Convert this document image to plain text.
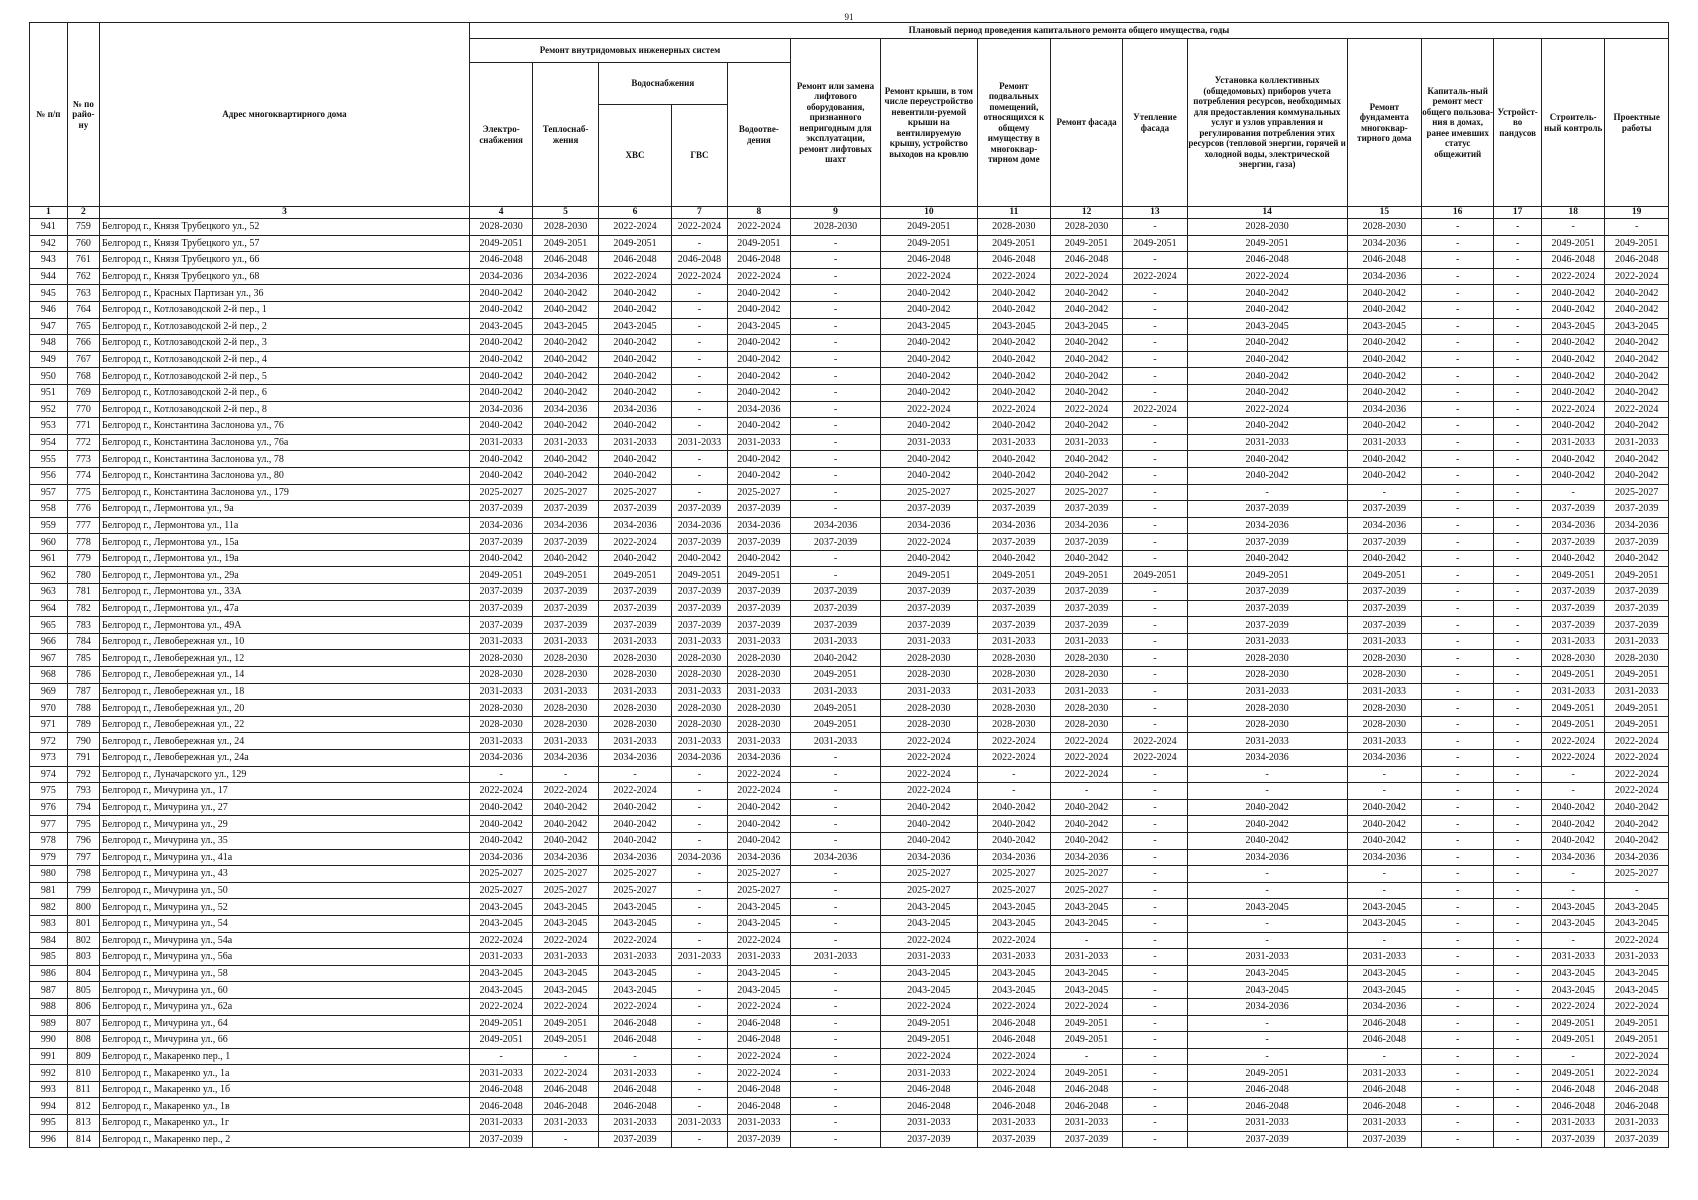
91
№ п/п	№ по райо-ну	Адрес многоквартирного дома	Плановый период проведения капитального ремонта общего имущества, годы															
			Ремонт внутридомовых инженерных систем					Ремонт или замена лифтового оборудования, признанного непригодным для эксплуатации, ремонт лифтовых шахт	Ремонт крыши, в том числе переустройство невентили-руемой крыши на вентилируемую крышу, устройство выходов на кровлю	Ремонт подвальных помещений, относящихся к общему имуществу в многоквар-тирном доме	Ремонт фасада	Утепление фасада	Установка коллективных (общедомовых) приборов учета потребления ресурсов, необходимых для предоставления коммунальных услуг и узлов управления и регулирования потребления этих ресурсов (тепловой энергии, горячей и холодной воды, электрической энергии, газа)	Ремонт фундамента многоквар-тирного дома	Капиталь-ный ремонт мест общего пользова-ния в домах, ранее имевших статус общежитий	Устройст-во пандусов	Строитель-ный контроль	Проектные работы
			Электро-снабжения	Теплоснаб-жения	Водоснабжения		Водоотве-дения											
					ХВС	ГВС												
1	2	3	4	5	6	7	8	9	10	11	12	13	14	15	16	17	18	19
941	759	Белгород г., Князя Трубецкого ул., 52	2028-2030	2028-2030	2022-2024	2022-2024	2022-2024	2028-2030	2049-2051	2028-2030	2028-2030	-	2028-2030	2028-2030	-	-	-	-
942	760	Белгород г., Князя Трубецкого ул., 57	2049-2051	2049-2051	2049-2051	-	2049-2051	-	2049-2051	2049-2051	2049-2051	2049-2051	2049-2051	2034-2036	-	-	2049-2051	2049-2051
943	761	Белгород г., Князя Трубецкого ул., 66	2046-2048	2046-2048	2046-2048	2046-2048	2046-2048	-	2046-2048	2046-2048	2046-2048	-	2046-2048	2046-2048	-	-	2046-2048	2046-2048
944	762	Белгород г., Князя Трубецкого ул., 68	2034-2036	2034-2036	2022-2024	2022-2024	2022-2024	-	2022-2024	2022-2024	2022-2024	2022-2024	2022-2024	2034-2036	-	-	2022-2024	2022-2024
945	763	Белгород г., Красных Партизан ул., 36	2040-2042	2040-2042	2040-2042	-	2040-2042	-	2040-2042	2040-2042	2040-2042	-	2040-2042	2040-2042	-	-	2040-2042	2040-2042
946	764	Белгород г., Котлозаводской 2-й пер., 1	2040-2042	2040-2042	2040-2042	-	2040-2042	-	2040-2042	2040-2042	2040-2042	-	2040-2042	2040-2042	-	-	2040-2042	2040-2042
947	765	Белгород г., Котлозаводской 2-й пер., 2	2043-2045	2043-2045	2043-2045	-	2043-2045	-	2043-2045	2043-2045	2043-2045	-	2043-2045	2043-2045	-	-	2043-2045	2043-2045
948	766	Белгород г., Котлозаводской 2-й пер., 3	2040-2042	2040-2042	2040-2042	-	2040-2042	-	2040-2042	2040-2042	2040-2042	-	2040-2042	2040-2042	-	-	2040-2042	2040-2042
949	767	Белгород г., Котлозаводской 2-й пер., 4	2040-2042	2040-2042	2040-2042	-	2040-2042	-	2040-2042	2040-2042	2040-2042	-	2040-2042	2040-2042	-	-	2040-2042	2040-2042
950	768	Белгород г., Котлозаводской 2-й пер., 5	2040-2042	2040-2042	2040-2042	-	2040-2042	-	2040-2042	2040-2042	2040-2042	-	2040-2042	2040-2042	-	-	2040-2042	2040-2042
951	769	Белгород г., Котлозаводской 2-й пер., 6	2040-2042	2040-2042	2040-2042	-	2040-2042	-	2040-2042	2040-2042	2040-2042	-	2040-2042	2040-2042	-	-	2040-2042	2040-2042
952	770	Белгород г., Котлозаводской 2-й пер., 8	2034-2036	2034-2036	2034-2036	-	2034-2036	-	2022-2024	2022-2024	2022-2024	2022-2024	2022-2024	2034-2036	-	-	2022-2024	2022-2024
953	771	Белгород г., Константина Заслонова ул., 76	2040-2042	2040-2042	2040-2042	-	2040-2042	-	2040-2042	2040-2042	2040-2042	-	2040-2042	2040-2042	-	-	2040-2042	2040-2042
954	772	Белгород г., Константина Заслонова ул., 76а	2031-2033	2031-2033	2031-2033	2031-2033	2031-2033	-	2031-2033	2031-2033	2031-2033	-	2031-2033	2031-2033	-	-	2031-2033	2031-2033
955	773	Белгород г., Константина Заслонова ул., 78	2040-2042	2040-2042	2040-2042	-	2040-2042	-	2040-2042	2040-2042	2040-2042	-	2040-2042	2040-2042	-	-	2040-2042	2040-2042
956	774	Белгород г., Константина Заслонова ул., 80	2040-2042	2040-2042	2040-2042	-	2040-2042	-	2040-2042	2040-2042	2040-2042	-	2040-2042	2040-2042	-	-	2040-2042	2040-2042
957	775	Белгород г., Константина Заслонова ул., 179	2025-2027	2025-2027	2025-2027	-	2025-2027	-	2025-2027	2025-2027	2025-2027	-	-	-	-	-	-	2025-2027
958	776	Белгород г., Лермонтова ул., 9а	2037-2039	2037-2039	2037-2039	2037-2039	2037-2039	-	2037-2039	2037-2039	2037-2039	-	2037-2039	2037-2039	-	-	2037-2039	2037-2039
959	777	Белгород г., Лермонтова ул., 11а	2034-2036	2034-2036	2034-2036	2034-2036	2034-2036	2034-2036	2034-2036	2034-2036	2034-2036	-	2034-2036	2034-2036	-	-	2034-2036	2034-2036
960	778	Белгород г., Лермонтова ул., 15а	2037-2039	2037-2039	2022-2024	2037-2039	2037-2039	2037-2039	2022-2024	2037-2039	2037-2039	-	2037-2039	2037-2039	-	-	2037-2039	2037-2039
961	779	Белгород г., Лермонтова ул., 19а	2040-2042	2040-2042	2040-2042	2040-2042	2040-2042	-	2040-2042	2040-2042	2040-2042	-	2040-2042	2040-2042	-	-	2040-2042	2040-2042
962	780	Белгород г., Лермонтова ул., 29а	2049-2051	2049-2051	2049-2051	2049-2051	2049-2051	-	2049-2051	2049-2051	2049-2051	2049-2051	2049-2051	2049-2051	-	-	2049-2051	2049-2051
963	781	Белгород г., Лермонтова ул., 33А	2037-2039	2037-2039	2037-2039	2037-2039	2037-2039	2037-2039	2037-2039	2037-2039	2037-2039	-	2037-2039	2037-2039	-	-	2037-2039	2037-2039
964	782	Белгород г., Лермонтова ул., 47а	2037-2039	2037-2039	2037-2039	2037-2039	2037-2039	2037-2039	2037-2039	2037-2039	2037-2039	-	2037-2039	2037-2039	-	-	2037-2039	2037-2039
965	783	Белгород г., Лермонтова ул., 49А	2037-2039	2037-2039	2037-2039	2037-2039	2037-2039	2037-2039	2037-2039	2037-2039	2037-2039	-	2037-2039	2037-2039	-	-	2037-2039	2037-2039
966	784	Белгород г., Левобережная ул., 10	2031-2033	2031-2033	2031-2033	2031-2033	2031-2033	2031-2033	2031-2033	2031-2033	2031-2033	-	2031-2033	2031-2033	-	-	2031-2033	2031-2033
967	785	Белгород г., Левобережная ул., 12	2028-2030	2028-2030	2028-2030	2028-2030	2028-2030	2040-2042	2028-2030	2028-2030	2028-2030	-	2028-2030	2028-2030	-	-	2028-2030	2028-2030
968	786	Белгород г., Левобережная ул., 14	2028-2030	2028-2030	2028-2030	2028-2030	2028-2030	2049-2051	2028-2030	2028-2030	2028-2030	-	2028-2030	2028-2030	-	-	2049-2051	2049-2051
969	787	Белгород г., Левобережная ул., 18	2031-2033	2031-2033	2031-2033	2031-2033	2031-2033	2031-2033	2031-2033	2031-2033	2031-2033	-	2031-2033	2031-2033	-	-	2031-2033	2031-2033
970	788	Белгород г., Левобережная ул., 20	2028-2030	2028-2030	2028-2030	2028-2030	2028-2030	2049-2051	2028-2030	2028-2030	2028-2030	-	2028-2030	2028-2030	-	-	2049-2051	2049-2051
971	789	Белгород г., Левобережная ул., 22	2028-2030	2028-2030	2028-2030	2028-2030	2028-2030	2049-2051	2028-2030	2028-2030	2028-2030	-	2028-2030	2028-2030	-	-	2049-2051	2049-2051
972	790	Белгород г., Левобережная ул., 24	2031-2033	2031-2033	2031-2033	2031-2033	2031-2033	2031-2033	2022-2024	2022-2024	2022-2024	2022-2024	2031-2033	2031-2033	-	-	2022-2024	2022-2024
973	791	Белгород г., Левобережная ул., 24а	2034-2036	2034-2036	2034-2036	2034-2036	2034-2036	-	2022-2024	2022-2024	2022-2024	2022-2024	2034-2036	2034-2036	-	-	2022-2024	2022-2024
974	792	Белгород г., Луначарского ул., 129	-	-	-	-	2022-2024	-	2022-2024	-	2022-2024	-	-	-	-	-	-	2022-2024
975	793	Белгород г., Мичурина ул., 17	2022-2024	2022-2024	2022-2024	-	2022-2024	-	2022-2024	-	-	-	-	-	-	-	-	2022-2024
976	794	Белгород г., Мичурина ул., 27	2040-2042	2040-2042	2040-2042	-	2040-2042	-	2040-2042	2040-2042	2040-2042	-	2040-2042	2040-2042	-	-	2040-2042	2040-2042
977	795	Белгород г., Мичурина ул., 29	2040-2042	2040-2042	2040-2042	-	2040-2042	-	2040-2042	2040-2042	2040-2042	-	2040-2042	2040-2042	-	-	2040-2042	2040-2042
978	796	Белгород г., Мичурина ул., 35	2040-2042	2040-2042	2040-2042	-	2040-2042	-	2040-2042	2040-2042	2040-2042	-	2040-2042	2040-2042	-	-	2040-2042	2040-2042
979	797	Белгород г., Мичурина ул., 41а	2034-2036	2034-2036	2034-2036	2034-2036	2034-2036	2034-2036	2034-2036	2034-2036	2034-2036	-	2034-2036	2034-2036	-	-	2034-2036	2034-2036
980	798	Белгород г., Мичурина ул., 43	2025-2027	2025-2027	2025-2027	-	2025-2027	-	2025-2027	2025-2027	2025-2027	-	-	-	-	-	-	2025-2027
981	799	Белгород г., Мичурина ул., 50	2025-2027	2025-2027	2025-2027	-	2025-2027	-	2025-2027	2025-2027	2025-2027	-	-	-	-	-	-	-
982	800	Белгород г., Мичурина ул., 52	2043-2045	2043-2045	2043-2045	-	2043-2045	-	2043-2045	2043-2045	2043-2045	-	2043-2045	2043-2045	-	-	2043-2045	2043-2045
983	801	Белгород г., Мичурина ул., 54	2043-2045	2043-2045	2043-2045	-	2043-2045	-	2043-2045	2043-2045	2043-2045	-	-	2043-2045	-	-	2043-2045	2043-2045
984	802	Белгород г., Мичурина ул., 54а	2022-2024	2022-2024	2022-2024	-	2022-2024	-	2022-2024	2022-2024	-	-	-	-	-	-	-	2022-2024
985	803	Белгород г., Мичурина ул., 56а	2031-2033	2031-2033	2031-2033	2031-2033	2031-2033	2031-2033	2031-2033	2031-2033	2031-2033	-	2031-2033	2031-2033	-	-	2031-2033	2031-2033
986	804	Белгород г., Мичурина ул., 58	2043-2045	2043-2045	2043-2045	-	2043-2045	-	2043-2045	2043-2045	2043-2045	-	2043-2045	2043-2045	-	-	2043-2045	2043-2045
987	805	Белгород г., Мичурина ул., 60	2043-2045	2043-2045	2043-2045	-	2043-2045	-	2043-2045	2043-2045	2043-2045	-	2043-2045	2043-2045	-	-	2043-2045	2043-2045
988	806	Белгород г., Мичурина ул., 62а	2022-2024	2022-2024	2022-2024	-	2022-2024	-	2022-2024	2022-2024	2022-2024	-	2034-2036	2034-2036	-	-	2022-2024	2022-2024
989	807	Белгород г., Мичурина ул., 64	2049-2051	2049-2051	2046-2048	-	2046-2048	-	2049-2051	2046-2048	2049-2051	-	-	2046-2048	-	-	2049-2051	2049-2051
990	808	Белгород г., Мичурина ул., 66	2049-2051	2049-2051	2046-2048	-	2046-2048	-	2049-2051	2046-2048	2049-2051	-	-	2046-2048	-	-	2049-2051	2049-2051
991	809	Белгород г., Макаренко пер., 1	-	-	-	-	2022-2024	-	2022-2024	2022-2024	-	-	-	-	-	-	-	2022-2024
992	810	Белгород г., Макаренко ул., 1а	2031-2033	2022-2024	2031-2033	-	2022-2024	-	2031-2033	2022-2024	2049-2051	-	2049-2051	2031-2033	-	-	2049-2051	2022-2024
993	811	Белгород г., Макаренко ул., 1б	2046-2048	2046-2048	2046-2048	-	2046-2048	-	2046-2048	2046-2048	2046-2048	-	2046-2048	2046-2048	-	-	2046-2048	2046-2048
994	812	Белгород г., Макаренко ул., 1в	2046-2048	2046-2048	2046-2048	-	2046-2048	-	2046-2048	2046-2048	2046-2048	-	2046-2048	2046-2048	-	-	2046-2048	2046-2048
995	813	Белгород г., Макаренко ул., 1г	2031-2033	2031-2033	2031-2033	2031-2033	2031-2033	-	2031-2033	2031-2033	2031-2033	-	2031-2033	2031-2033	-	-	2031-2033	2031-2033
996	814	Белгород г., Макаренко пер., 2	2037-2039	-	2037-2039	-	2037-2039	-	2037-2039	2037-2039	2037-2039	-	2037-2039	2037-2039	-	-	2037-2039	2037-2039
